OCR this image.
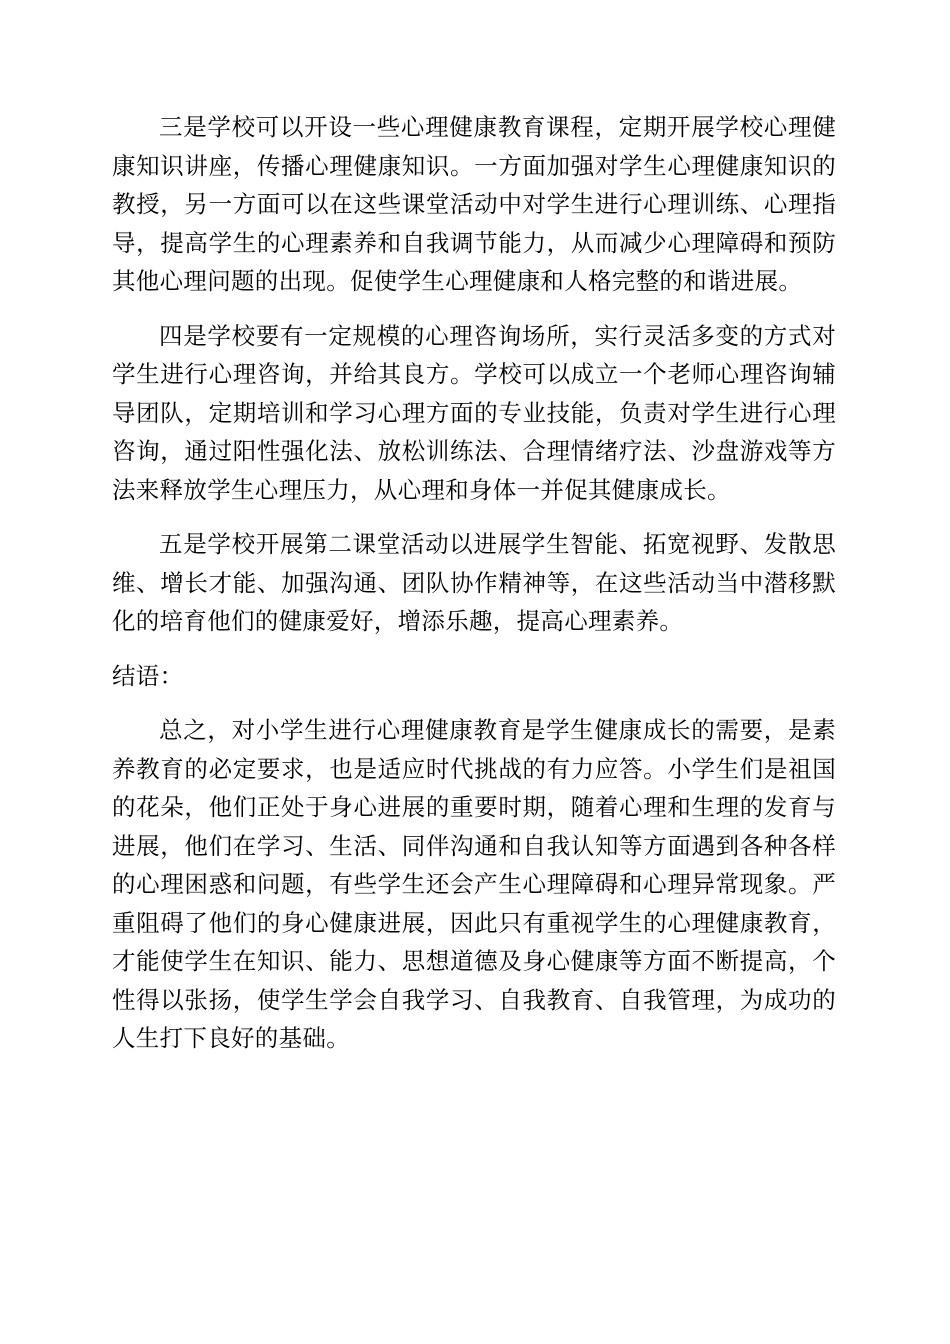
三是学校可以开设一些心理健康教育课程，定期开展学校心理健康知识讲座，传播心理健康知识。一方面加强对学生心理健康知识的教授，另一方面可以在这些课堂活动中对学生进行心理训练、心理指导，提高学生的心理素养和自我调节能力，从而减少心理障碍和预防其他心理问题的出现。促使学生心理健康和人格完整的和谐进展。

四是学校要有一定规模的心理咨询场所，实行灵活多变的方式对学生进行心理咨询，并给其良方。学校可以成立一个老师心理咨询辅导团队，定期培训和学习心理方面的专业技能，负责对学生进行心理咨询，通过阳性强化法、放松训练法、合理情绪疗法、沙盘游戏等方法来释放学生心理压力，从心理和身体一并促其健康成长。

五是学校开展第二课堂活动以进展学生智能、拓宽视野、发散思维、增长才能、加强沟通、团队协作精神等，在这些活动当中潜移默化的培育他们的健康爱好，增添乐趣，提高心理素养。

结语：

总之，对小学生进行心理健康教育是学生健康成长的需要，是素养教育的必定要求，也是适应时代挑战的有力应答。小学生们是祖国的花朵，他们正处于身心进展的重要时期，随着心理和生理的发育与进展，他们在学习、生活、同伴沟通和自我认知等方面遇到各种各样的心理困惑和问题，有些学生还会产生心理障碍和心理异常现象。严重阻碍了他们的身心健康进展，因此只有重视学生的心理健康教育，才能使学生在知识、能力、思想道德及身心健康等方面不断提高，个性得以张扬，使学生学会自我学习、自我教育、自我管理，为成功的人生打下良好的基础。
